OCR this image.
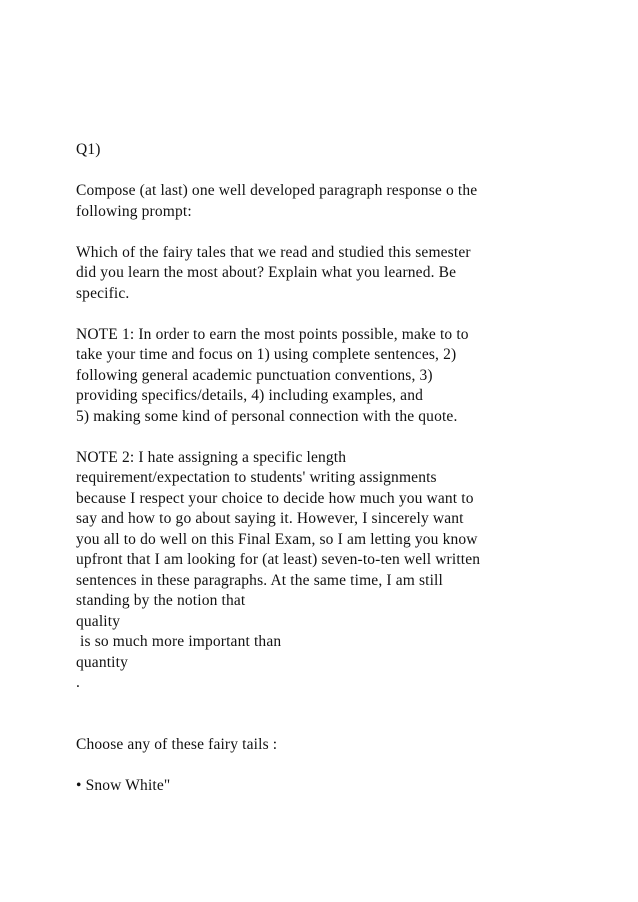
Q1)
Compose (at last) one well developed paragraph response o the
following prompt:
Which of the fairy tales that we read and studied this semester
did you learn the most about? Explain what you learned. Be
specific.
NOTE 1: In order to earn the most points possible, make to to
take your time and focus on 1) using complete sentences, 2)
following general academic punctuation conventions, 3)
providing specifics/details, 4) including examples, and
5) making some kind of personal connection with the quote.
NOTE 2: I hate assigning a specific length
requirement/expectation to students' writing assignments
because I respect your choice to decide how much you want to
say and how to go about saying it. However, I sincerely want
you all to do well on this Final Exam, so I am letting you know
upfront that I am looking for (at least) seven-to-ten well written
sentences in these paragraphs. At the same time, I am still
standing by the notion that
quality
is so much more important than
quantity
.
Choose any of these fairy tails :
• Snow White"
